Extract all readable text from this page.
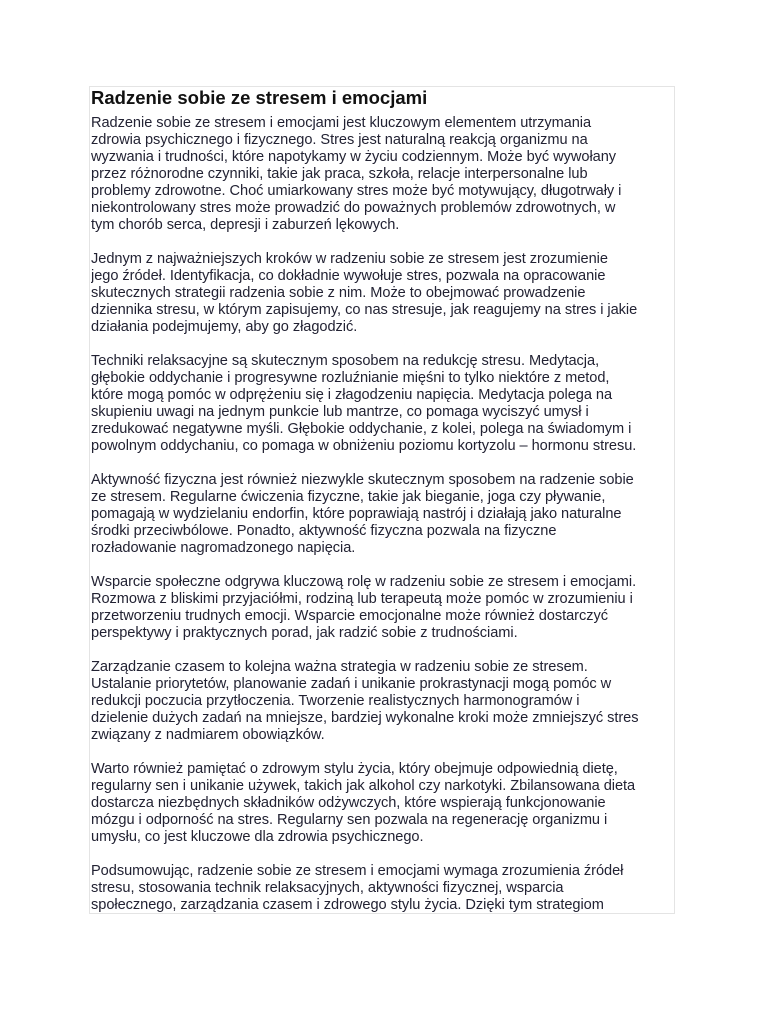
Radzenie sobie ze stresem i emocjami

Radzenie sobie ze stresem i emocjami jest kluczowym elementem utrzymania
zdrowia psychicznego i fizycznego. Stres jest naturalną reakcją organizmu na
wyzwania i trudności, które napotykamy w życiu codziennym. Może być wywołany
przez różnorodne czynniki, takie jak praca, szkoła, relacje interpersonalne lub
problemy zdrowotne. Choć umiarkowany stres może być motywujący, długotrwały i
niekontrolowany stres może prowadzić do poważnych problemów zdrowotnych, w
tym chorób serca, depresji i zaburzeń lękowych.

Jednym z najważniejszych kroków w radzeniu sobie ze stresem jest zrozumienie
jego źródeł. Identyfikacja, co dokładnie wywołuje stres, pozwala na opracowanie
skutecznych strategii radzenia sobie z nim. Może to obejmować prowadzenie
dziennika stresu, w którym zapisujemy, co nas stresuje, jak reagujemy na stres i jakie
działania podejmujemy, aby go złagodzić.

Techniki relaksacyjne są skutecznym sposobem na redukcję stresu. Medytacja,
głębokie oddychanie i progresywne rozluźnianie mięśni to tylko niektóre z metod,
które mogą pomóc w odprężeniu się i złagodzeniu napięcia. Medytacja polega na
skupieniu uwagi na jednym punkcie lub mantrze, co pomaga wyciszyć umysł i
zredukować negatywne myśli. Głębokie oddychanie, z kolei, polega na świadomym i
powolnym oddychaniu, co pomaga w obniżeniu poziomu kortyzolu – hormonu stresu.

Aktywność fizyczna jest również niezwykle skutecznym sposobem na radzenie sobie
ze stresem. Regularne ćwiczenia fizyczne, takie jak bieganie, joga czy pływanie,
pomagają w wydzielaniu endorfin, które poprawiają nastrój i działają jako naturalne
środki przeciwbólowe. Ponadto, aktywność fizyczna pozwala na fizyczne
rozładowanie nagromadzonego napięcia.

Wsparcie społeczne odgrywa kluczową rolę w radzeniu sobie ze stresem i emocjami.
Rozmowa z bliskimi przyjaciółmi, rodziną lub terapeutą może pomóc w zrozumieniu i
przetworzeniu trudnych emocji. Wsparcie emocjonalne może również dostarczyć
perspektywy i praktycznych porad, jak radzić sobie z trudnościami.

Zarządzanie czasem to kolejna ważna strategia w radzeniu sobie ze stresem.
Ustalanie priorytetów, planowanie zadań i unikanie prokrastynacji mogą pomóc w
redukcji poczucia przytłoczenia. Tworzenie realistycznych harmonogramów i
dzielenie dużych zadań na mniejsze, bardziej wykonalne kroki może zmniejszyć stres
związany z nadmiarem obowiązków.

Warto również pamiętać o zdrowym stylu życia, który obejmuje odpowiednią dietę,
regularny sen i unikanie używek, takich jak alkohol czy narkotyki. Zbilansowana dieta
dostarcza niezbędnych składników odżywczych, które wspierają funkcjonowanie
mózgu i odporność na stres. Regularny sen pozwala na regenerację organizmu i
umysłu, co jest kluczowe dla zdrowia psychicznego.

Podsumowując, radzenie sobie ze stresem i emocjami wymaga zrozumienia źródeł
stresu, stosowania technik relaksacyjnych, aktywności fizycznej, wsparcia
społecznego, zarządzania czasem i zdrowego stylu życia. Dzięki tym strategiom
